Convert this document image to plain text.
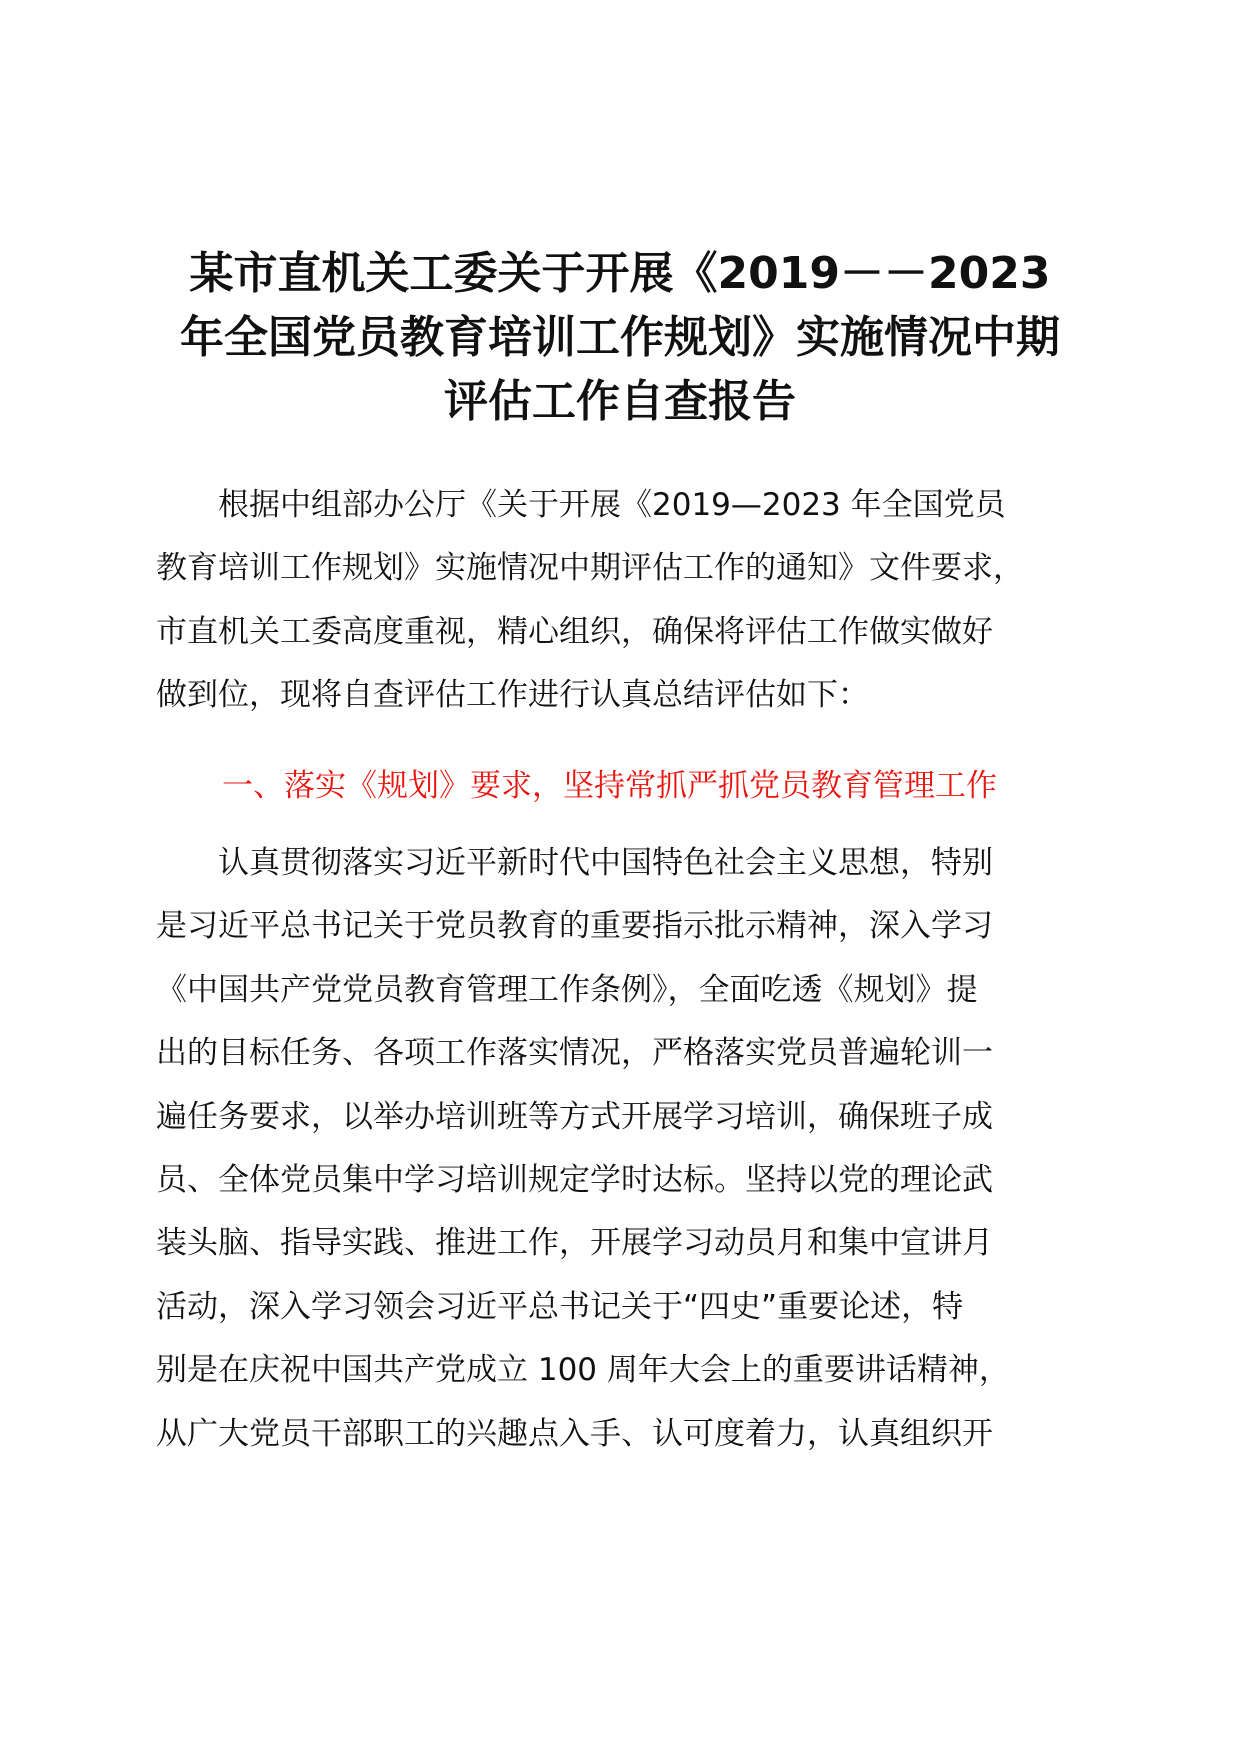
某市直机关工委关于开展《2019－－2023
年全国党员教育培训工作规划》实施情况中期
评估工作自查报告
　　根据中组部办公厅《关于开展《2019—2023 年全国党员
教育培训工作规划》实施情况中期评估工作的通知》文件要求，
市直机关工委高度重视，精心组织，确保将评估工作做实做好
做到位，现将自查评估工作进行认真总结评估如下：
一、落实《规划》要求，坚持常抓严抓党员教育管理工作
　　认真贯彻落实习近平新时代中国特色社会主义思想，特别
是习近平总书记关于党员教育的重要指示批示精神，深入学习
《中国共产党党员教育管理工作条例》，全面吃透《规划》提
出的目标任务、各项工作落实情况，严格落实党员普遍轮训一
遍任务要求，以举办培训班等方式开展学习培训，确保班子成
员、全体党员集中学习培训规定学时达标。坚持以党的理论武
装头脑、指导实践、推进工作，开展学习动员月和集中宣讲月
活动，深入学习领会习近平总书记关于“四史”重要论述，特
别是在庆祝中国共产党成立 100 周年大会上的重要讲话精神，
从广大党员干部职工的兴趣点入手、认可度着力，认真组织开
